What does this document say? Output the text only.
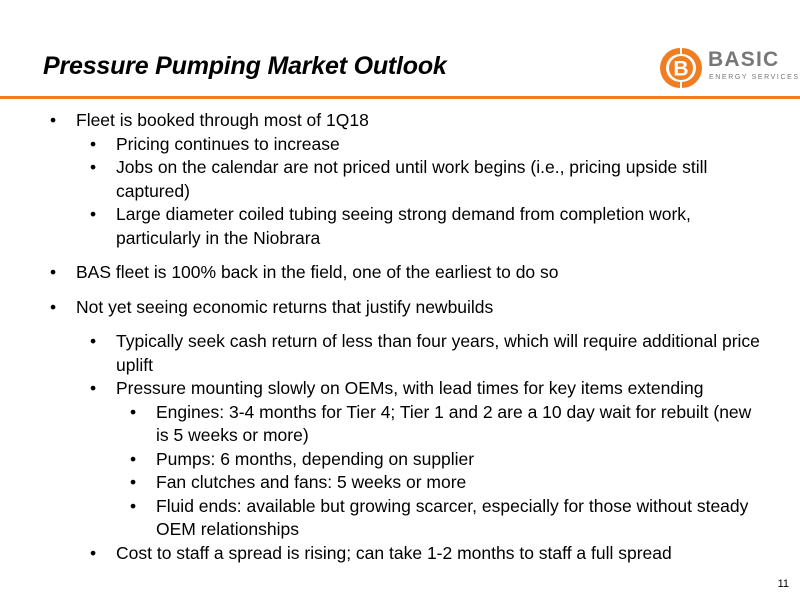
Pressure Pumping Market Outlook	B BASIC
ENERGY SERVICES
• Fleet is booked through most of 1Q18
• Pricing continues to increase
• Jobs on the calendar are not priced until work begins (i.e., pricing upside still captured)
• Large diameter coiled tubing seeing strong demand from completion work, particularly in the Niobrara
• BAS fleet is 100% back in the field, one of the earliest to do so
• Not yet seeing economic returns that justify newbuilds
• Typically seek cash return of less than four years, which will require additional price uplift
• Pressure mounting slowly on OEMs, with lead times for key items extending
• Engines: 3-4 months for Tier 4; Tier 1 and 2 are a 10 day wait for rebuilt (new is 5 weeks or more)
• Pumps: 6 months, depending on supplier
• Fan clutches and fans: 5 weeks or more
• Fluid ends: available but growing scarcer, especially for those without steady OEM relationships
• Cost to staff a spread is rising; can take 1-2 months to staff a full spread
11
